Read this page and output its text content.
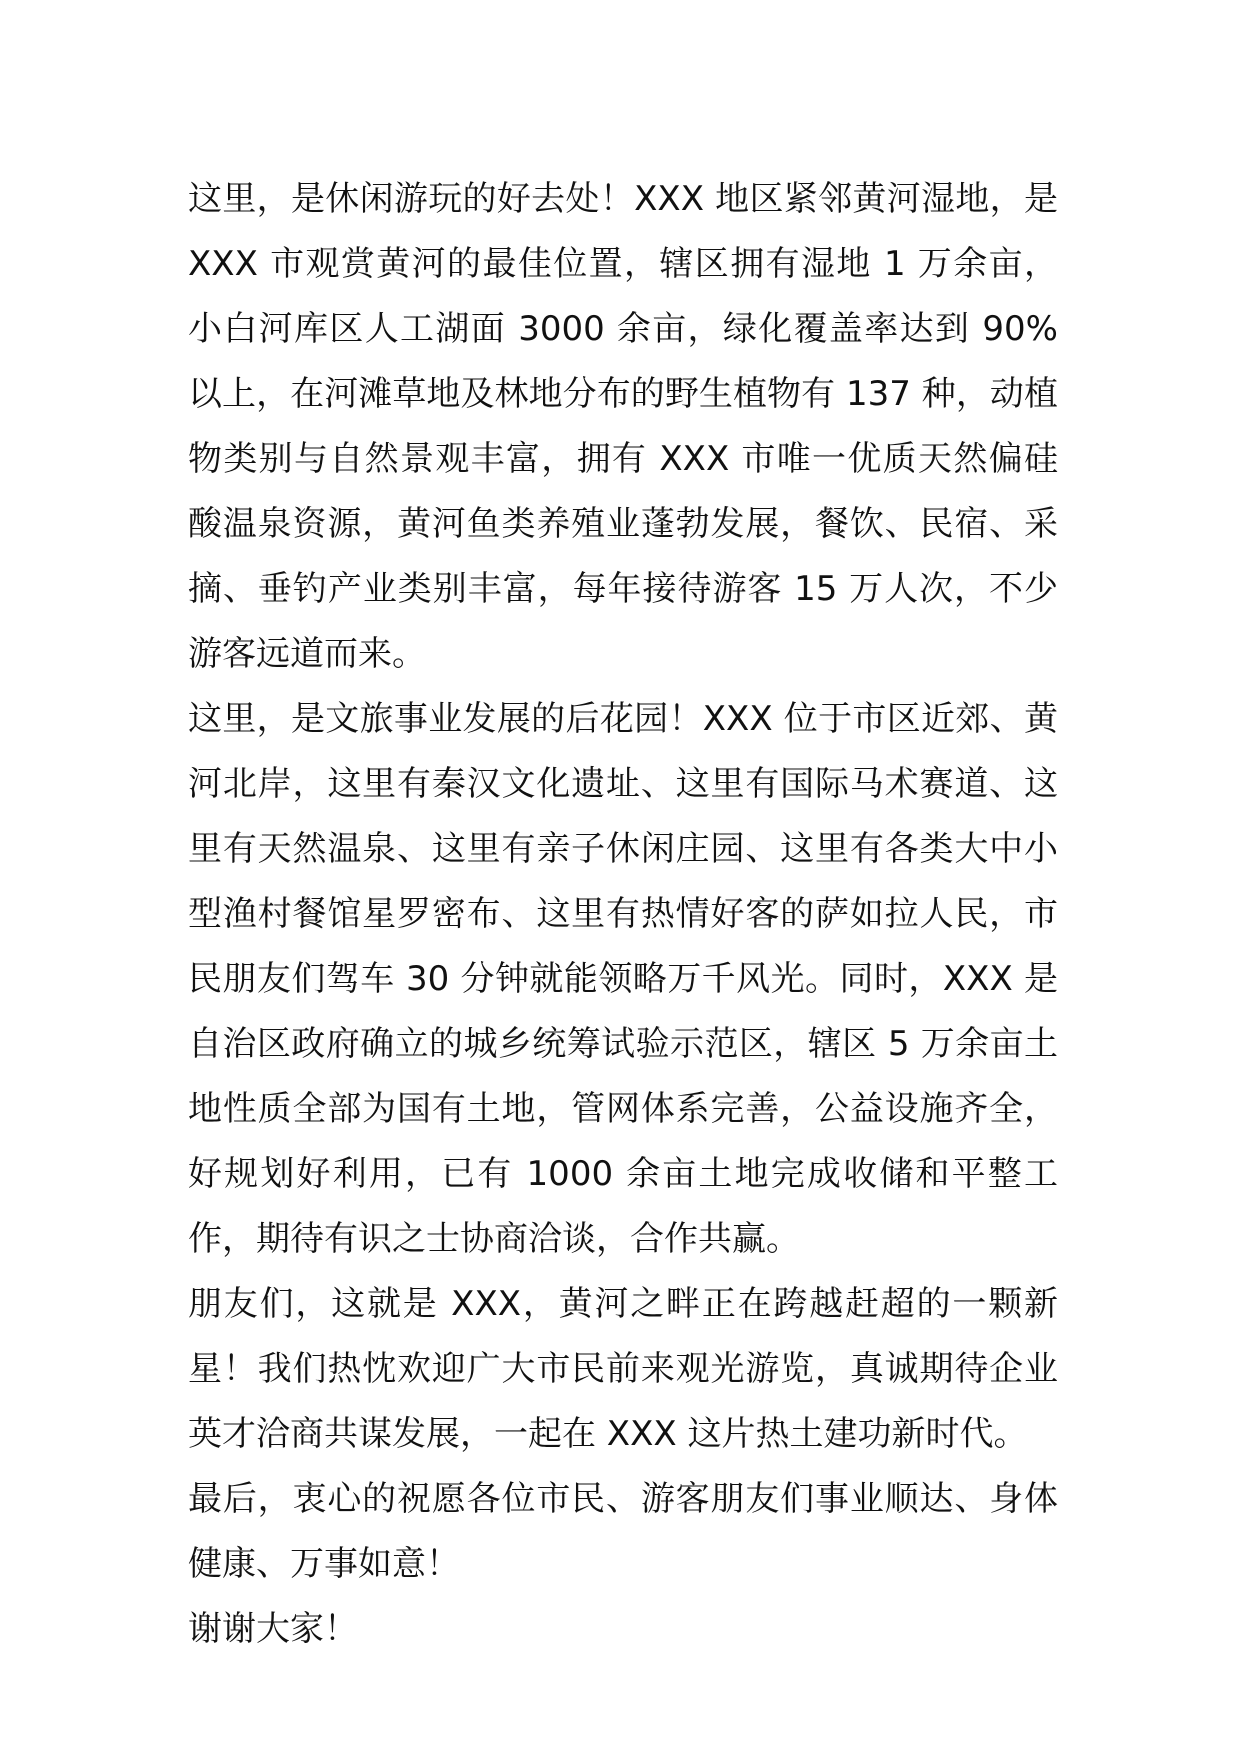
这里，是休闲游玩的好去处！XXX 地区紧邻黄河湿地，是 XXX 市观赏黄河的最佳位置，辖区拥有湿地 1 万余亩，小白河库区人工湖面 3000 余亩，绿化覆盖率达到 90%以上，在河滩草地及林地分布的野生植物有 137 种，动植物类别与自然景观丰富，拥有 XXX 市唯一优质天然偏硅酸温泉资源，黄河鱼类养殖业蓬勃发展，餐饮、民宿、采摘、垂钓产业类别丰富，每年接待游客 15 万人次，不少游客远道而来。

这里，是文旅事业发展的后花园！XXX 位于市区近郊、黄河北岸，这里有秦汉文化遗址、这里有国际马术赛道、这里有天然温泉、这里有亲子休闲庄园、这里有各类大中小型渔村餐馆星罗密布、这里有热情好客的萨如拉人民，市民朋友们驾车 30 分钟就能领略万千风光。同时，XXX 是自治区政府确立的城乡统筹试验示范区，辖区 5 万余亩土地性质全部为国有土地，管网体系完善，公益设施齐全，好规划好利用，已有 1000 余亩土地完成收储和平整工作，期待有识之士协商洽谈，合作共赢。

朋友们，这就是 XXX，黄河之畔正在跨越赶超的一颗新星！我们热忱欢迎广大市民前来观光游览，真诚期待企业英才洽商共谋发展，一起在 XXX 这片热土建功新时代。

最后，衷心的祝愿各位市民、游客朋友们事业顺达、身体健康、万事如意！

谢谢大家！
